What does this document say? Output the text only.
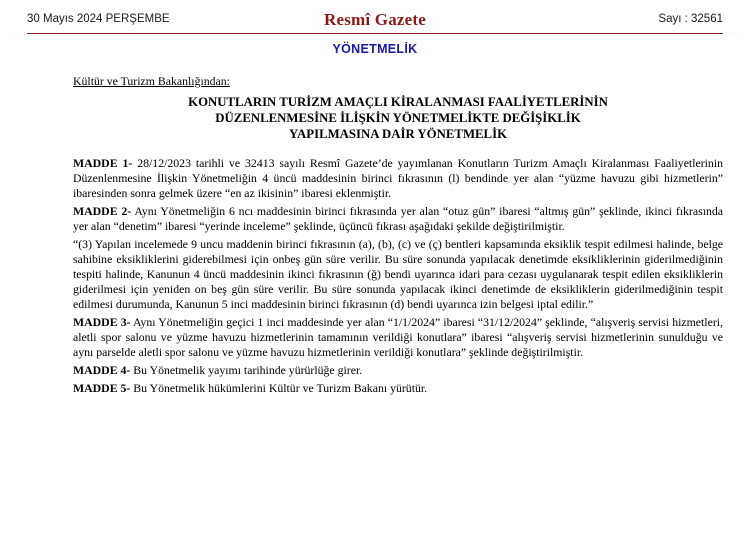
30 Mayıs 2024 PERŞEMBE	Resmî Gazete	Sayı : 32561
YÖNETMELİK
Kültür ve Turizm Bakanlığından:
KONUTLARIN TURİZM AMAÇLI KİRALANMASI FAALİYETLERİNİN
DÜZENLENMESİNE İLİŞKİN YÖNETMELİKTE DEĞİŞİKLİK
YAPILMASINA DAİR YÖNETMELİK

MADDE 1- 28/12/2023 tarihli ve 32413 sayılı Resmî Gazete’de yayımlanan Konutların Turizm Amaçlı Kiralanması Faaliyetlerinin Düzenlenmesine İlişkin Yönetmeliğin 4 üncü maddesinin birinci fıkrasının (l) bendinde yer alan “yüzme havuzu gibi hizmetlerin” ibaresinden sonra gelmek üzere “en az ikisinin” ibaresi eklenmiştir.

MADDE 2- Aynı Yönetmeliğin 6 ncı maddesinin birinci fıkrasında yer alan “otuz gün” ibaresi “altmış gün” şeklinde, ikinci fıkrasında yer alan “denetim” ibaresi “yerinde inceleme” şeklinde, üçüncü fıkrası aşağıdaki şekilde değiştirilmiştir.

“(3) Yapılan incelemede 9 uncu maddenin birinci fıkrasının (a), (b), (c) ve (ç) bentleri kapsamında eksiklik tespit edilmesi halinde, belge sahibine eksikliklerini giderebilmesi için onbeş gün süre verilir. Bu süre sonunda yapılacak denetimde eksikliklerinin giderilmediğinin tespiti halinde, Kanunun 4 üncü maddesinin ikinci fıkrasının (ğ) bendi uyarınca idari para cezası uygulanarak tespit edilen eksikliklerin giderilmesi için yeniden on beş gün süre verilir. Bu süre sonunda yapılacak ikinci denetimde de eksikliklerin giderilmediğinin tespit edilmesi durumunda, Kanunun 5 inci maddesinin birinci fıkrasının (d) bendi uyarınca izin belgesi iptal edilir.”

MADDE 3- Aynı Yönetmeliğin geçici 1 inci maddesinde yer alan “1/1/2024” ibaresi “31/12/2024” şeklinde, “alışveriş servisi hizmetleri, aletli spor salonu ve yüzme havuzu hizmetlerinin tamamının verildiği konutlara” ibaresi “alışveriş servisi hizmetlerinin sunulduğu ve aynı parselde aletli spor salonu ve yüzme havuzu hizmetlerinin verildiği konutlara” şeklinde değiştirilmiştir.

MADDE 4- Bu Yönetmelik yayımı tarihinde yürürlüğe girer.

MADDE 5- Bu Yönetmelik hükümlerini Kültür ve Turizm Bakanı yürütür.
